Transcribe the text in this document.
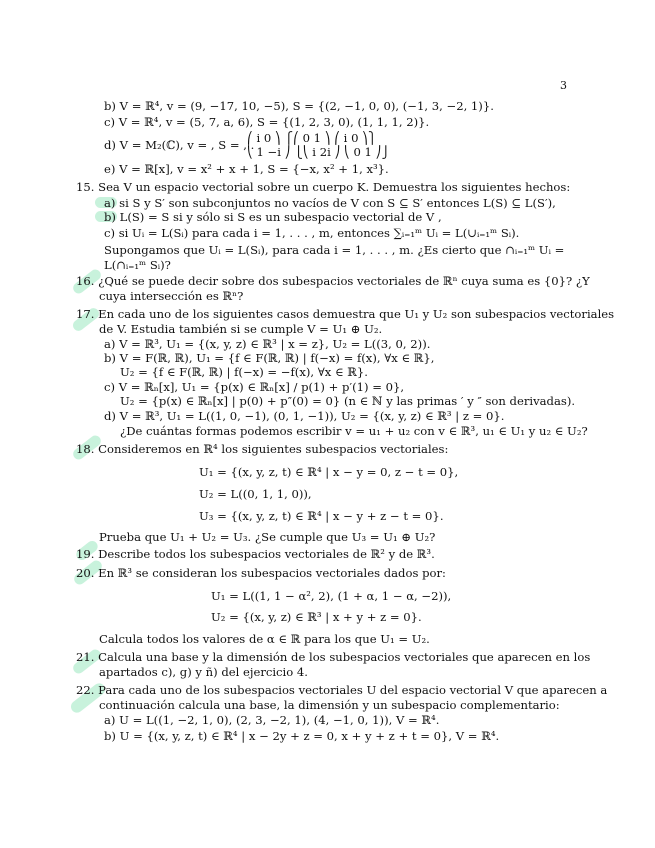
3
b) V = ℝ⁴, v = (9, −17, 10, −5), S = {(2, −1, 0, 0), (−1, 3, −2, 1)}.
c) V = ℝ⁴, v = (5, 7, a, 6), S = {(1, 2, 3, 0), (1, 1, 1, 2)}.
⎛ i 0 ⎞ ⎧⎛ 0 1 ⎞ ⎛ i 0 ⎞⎫
d) V = M₂(ℂ), v = , S = , .
⎝ 1 −i ⎠ ⎩⎝ i 2i ⎠ ⎝ 0 1 ⎠⎭
e) V = ℝ[x], v = x² + x + 1, S = {−x, x² + 1, x³}.
15. Sea V un espacio vectorial sobre un cuerpo K. Demuestra los siguientes hechos:
a) si S y S′ son subconjuntos no vacíos de V con S ⊆ S′ entonces L(S) ⊆ L(S′),
b) L(S) = S si y sólo si S es un subespacio vectorial de V ,
c) si Uᵢ = L(Sᵢ) para cada i = 1, . . . , m, entonces ∑ᵢ₌₁ᵐ Uᵢ = L(∪ᵢ₌₁ᵐ Sᵢ).
Supongamos que Uᵢ = L(Sᵢ), para cada i = 1, . . . , m. ¿Es cierto que ∩ᵢ₌₁ᵐ Uᵢ =
L(∩ᵢ₌₁ᵐ Sᵢ)?
16. ¿Qué se puede decir sobre dos subespacios vectoriales de ℝⁿ cuya suma es {0}? ¿Y
cuya intersección es ℝⁿ?
17. En cada uno de los siguientes casos demuestra que U₁ y U₂ son subespacios vectoriales
de V. Estudia también si se cumple V = U₁ ⊕ U₂.
a) V = ℝ³, U₁ = {(x, y, z) ∈ ℝ³ | x = z}, U₂ = L((3, 0, 2)).
b) V = F(ℝ, ℝ), U₁ = {f ∈ F(ℝ, ℝ) | f(−x) = f(x), ∀x ∈ ℝ},
U₂ = {f ∈ F(ℝ, ℝ) | f(−x) = −f(x), ∀x ∈ ℝ}.
c) V = ℝₙ[x], U₁ = {p(x) ∈ ℝₙ[x] / p(1) + p′(1) = 0},
U₂ = {p(x) ∈ ℝₙ[x] | p(0) + p″(0) = 0} (n ∈ ℕ y las primas ′ y ″ son derivadas).
d) V = ℝ³, U₁ = L((1, 0, −1), (0, 1, −1)), U₂ = {(x, y, z) ∈ ℝ³ | z = 0}.
¿De cuántas formas podemos escribir v = u₁ + u₂ con v ∈ ℝ³, u₁ ∈ U₁ y u₂ ∈ U₂?
18. Consideremos en ℝ⁴ los siguientes subespacios vectoriales:
U₁ = {(x, y, z, t) ∈ ℝ⁴ | x − y = 0, z − t = 0},
U₂ = L((0, 1, 1, 0)),
U₃ = {(x, y, z, t) ∈ ℝ⁴ | x − y + z − t = 0}.
Prueba que U₁ + U₂ = U₃. ¿Se cumple que U₃ = U₁ ⊕ U₂?
19. Describe todos los subespacios vectoriales de ℝ² y de ℝ³.
20. En ℝ³ se consideran los subespacios vectoriales dados por:
U₁ = L((1, 1 − α², 2), (1 + α, 1 − α, −2)),
U₂ = {(x, y, z) ∈ ℝ³ | x + y + z = 0}.
Calcula todos los valores de α ∈ ℝ para los que U₁ = U₂.
21. Calcula una base y la dimensión de los subespacios vectoriales que aparecen en los
apartados c), g) y ñ) del ejercicio 4.
22. Para cada uno de los subespacios vectoriales U del espacio vectorial V que aparecen a
continuación calcula una base, la dimensión y un subespacio complementario:
a) U = L((1, −2, 1, 0), (2, 3, −2, 1), (4, −1, 0, 1)), V = ℝ⁴.
b) U = {(x, y, z, t) ∈ ℝ⁴ | x − 2y + z = 0, x + y + z + t = 0}, V = ℝ⁴.
